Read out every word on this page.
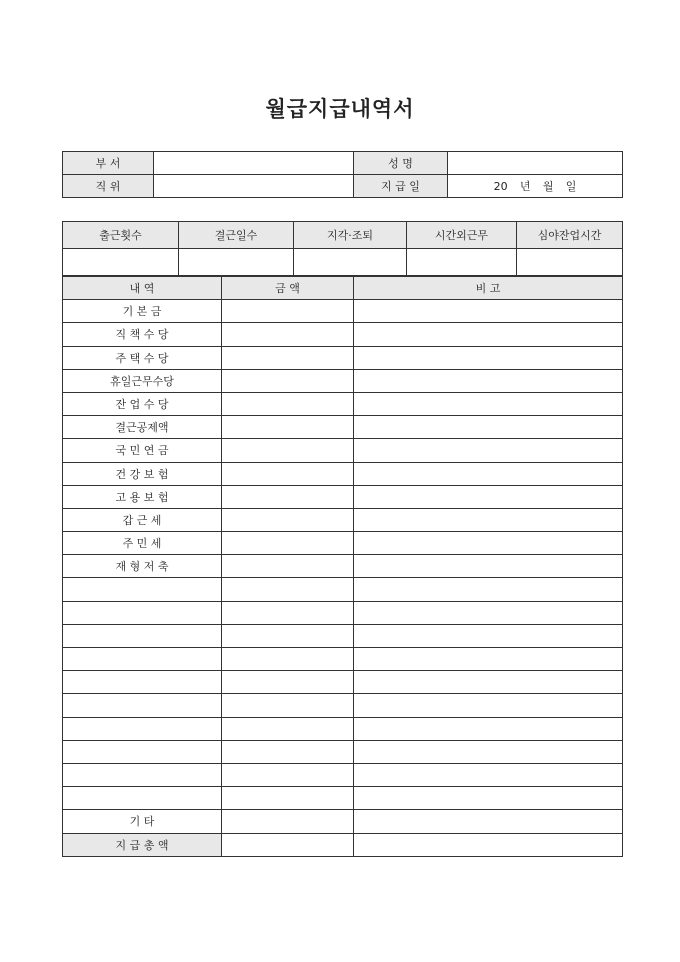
월급지급내역서
부 서		성 명	
직 위		지 급 일	20 년 월 일
출근횟수	결근일수	지각·조퇴	시간외근무	심야잔업시간

내 역	금 액	비 고
기 본 금		
직 책 수 당		
주 택 수 당		
휴일근무수당		
잔 업 수 당		
결근공제액		
국 민 연 금		
건 강 보 험		
고 용 보 험		
갑 근 세		
주 민 세		
재 형 저 축		

기 타		
지 급 총 액		
